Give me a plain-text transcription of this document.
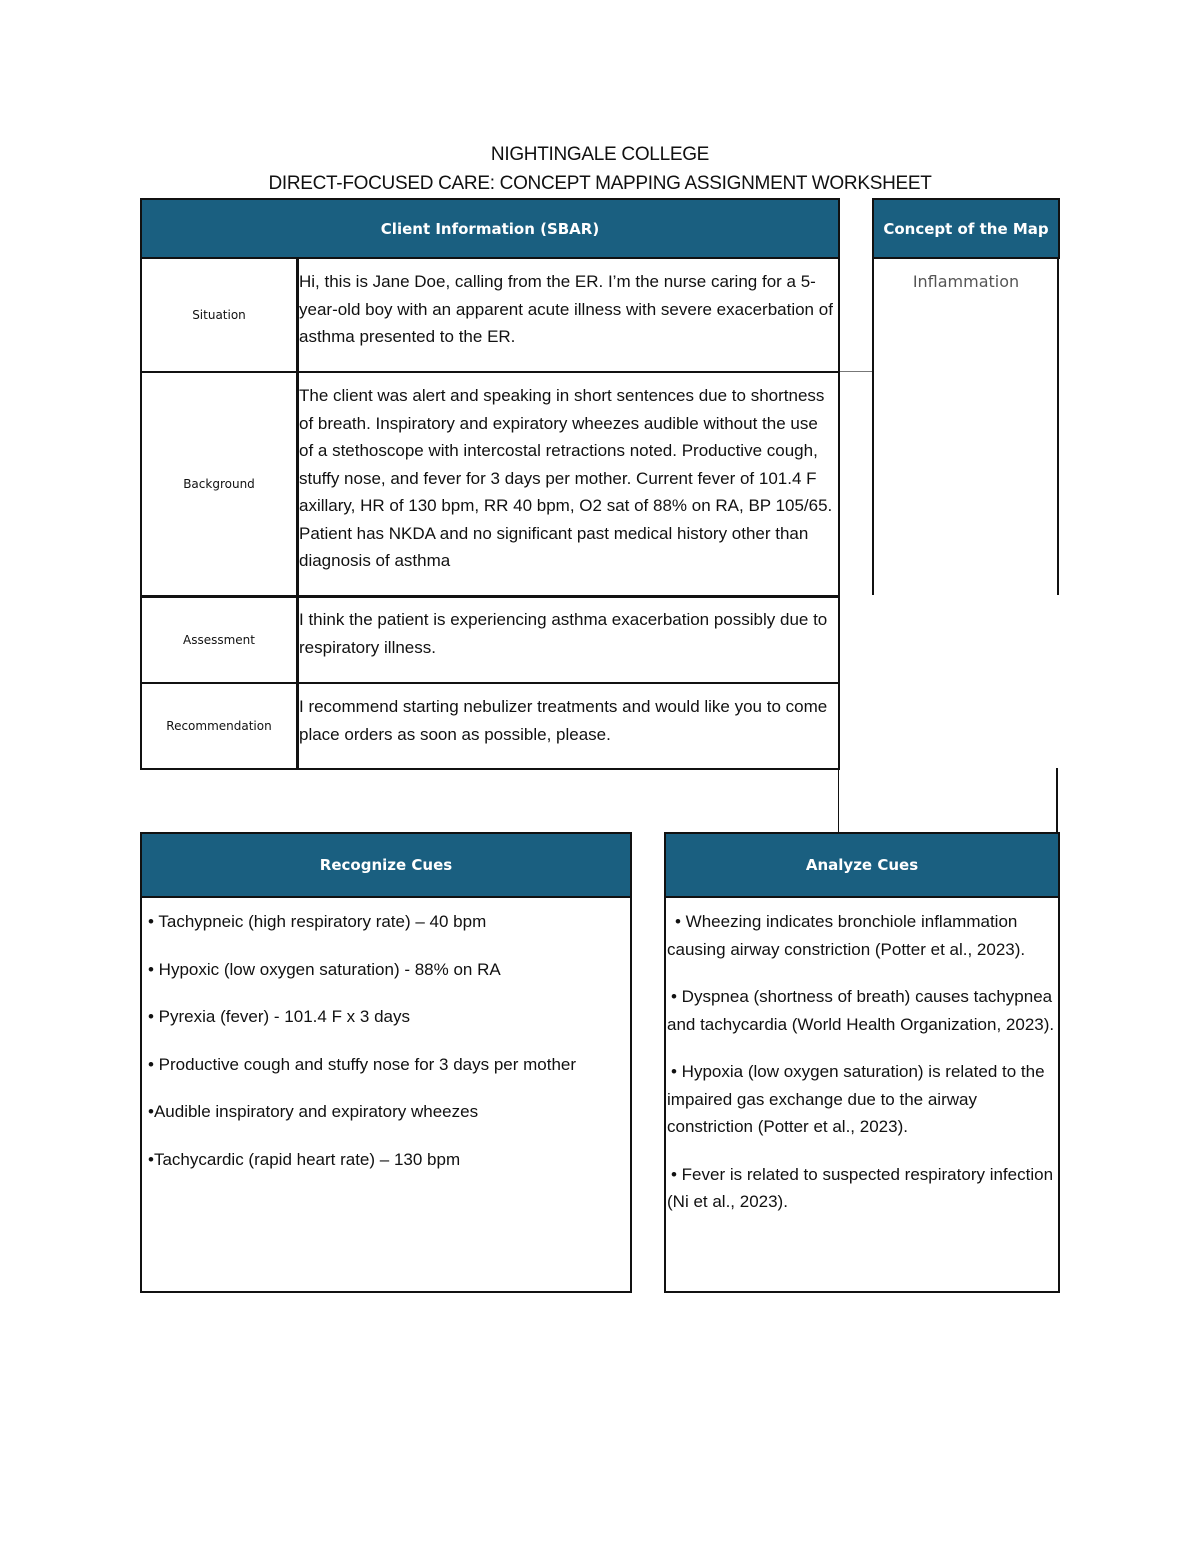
NIGHTINGALE COLLEGE
DIRECT-FOCUSED CARE: CONCEPT MAPPING ASSIGNMENT WORKSHEET
Client Information (SBAR)	Concept of the Map
Situation
Background
Assessment
Recommendation
Hi, this is Jane Doe, calling from the ER. I’m the nurse caring for a 5-year-old boy with an apparent acute illness with severe exacerbation of asthma presented to the ER.
The client was alert and speaking in short sentences due to shortness of breath. Inspiratory and expiratory wheezes audible without the use of a stethoscope with intercostal retractions noted. Productive cough, stuffy nose, and fever for 3 days per mother. Current fever of 101.4 F axillary, HR of 130 bpm, RR 40 bpm, O2 sat of 88% on RA, BP 105/65. Patient has NKDA and no significant past medical history other than diagnosis of asthma
I think the patient is experiencing asthma exacerbation possibly due to respiratory illness.
I recommend starting nebulizer treatments and would like you to come place orders as soon as possible, please.
Inflammation
Recognize Cues
• Tachypneic (high respiratory rate) – 40 bpm
• Hypoxic (low oxygen saturation) - 88% on RA
• Pyrexia (fever) - 101.4 F x 3 days
• Productive cough and stuffy nose for 3 days per mother
•Audible inspiratory and expiratory wheezes
•Tachycardic (rapid heart rate) – 130 bpm
Analyze Cues
• Wheezing indicates bronchiole inflammation causing airway constriction (Potter et al., 2023).
• Dyspnea (shortness of breath) causes tachypnea and tachycardia (World Health Organization, 2023).
• Hypoxia (low oxygen saturation) is related to the impaired gas exchange due to the airway constriction (Potter et al., 2023).
• Fever is related to suspected respiratory infection (Ni et al., 2023).
